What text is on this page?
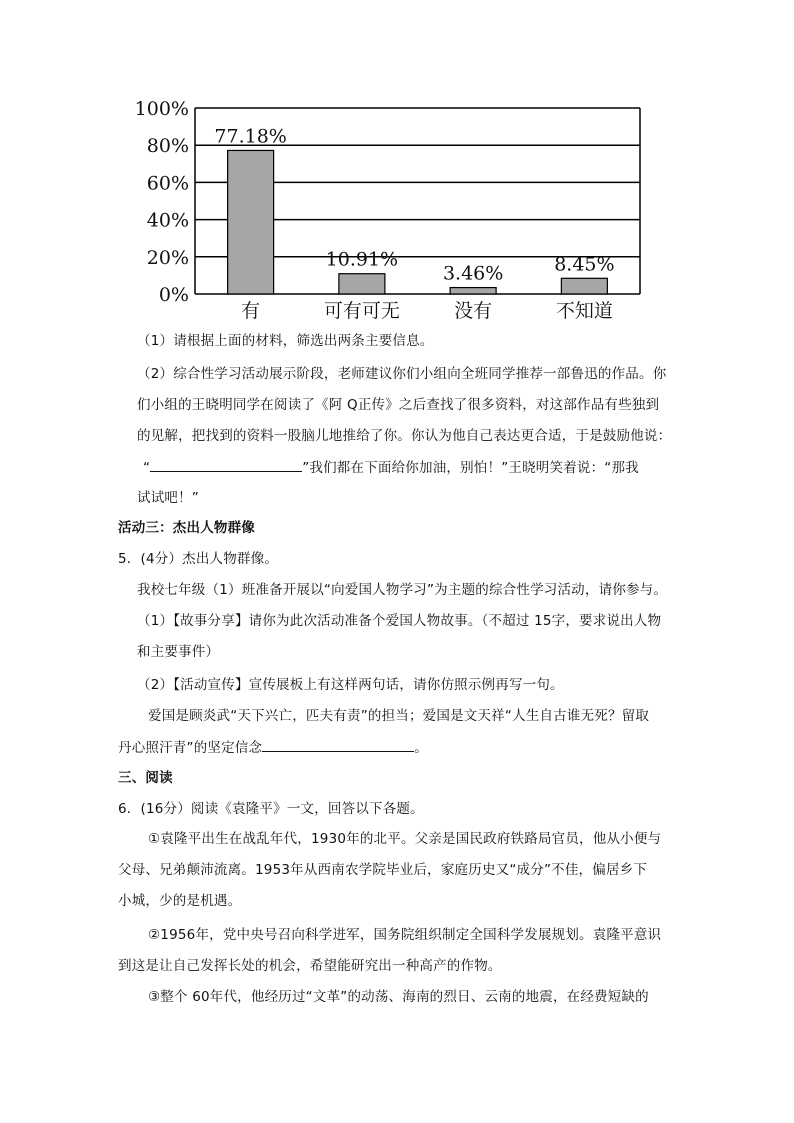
0%
20%
40%
60%
80%
100%
77.18%
有
10.91%
可有可无
3.46%
没有
8.45%
不知道
（1）请根据上面的材料，筛选出两条主要信息。
（2）综合性学习活动展示阶段，老师建议你们小组向全班同学推荐一部鲁迅的作品。你
们小组的王晓明同学在阅读了《阿 Q正传》之后查找了很多资料，对这部作品有些独到
的见解，把找到的资料一股脑儿地推给了你。你认为他自己表达更合适，于是鼓励他说：
“	”我们都在下面给你加油，别怕！”王晓明笑着说：“那我
试试吧！”
活动三：杰出人物群像
5．(4分）杰出人物群像。
我校七年级（1）班准备开展以“向爱国人物学习”为主题的综合性学习活动，请你参与。
（1）【故事分享】请你为此次活动准备个爱国人物故事。（不超过 15字，要求说出人物
和主要事件）
（2）【活动宣传】宣传展板上有这样两句话，请你仿照示例再写一句。
爱国是顾炎武“天下兴亡，匹夫有责”的担当；爱国是文天祥“人生自古谁无死？留取
丹心照汗青”的坚定信念	。
三、阅读
6．(16分）阅读《袁隆平》一文，回答以下各题。
①袁隆平出生在战乱年代，1930年的北平。父亲是国民政府铁路局官员，他从小便与
父母、兄弟颠沛流离。1953年从西南农学院毕业后，家庭历史又“成分”不佳，偏居乡下
小城，少的是机遇。
②1956年，党中央号召向科学进军，国务院组织制定全国科学发展规划。袁隆平意识
到这是让自己发挥长处的机会，希望能研究出一种高产的作物。
③整个 60年代，他经历过“文革”的动荡、海南的烈日、云南的地震，在经费短缺的
